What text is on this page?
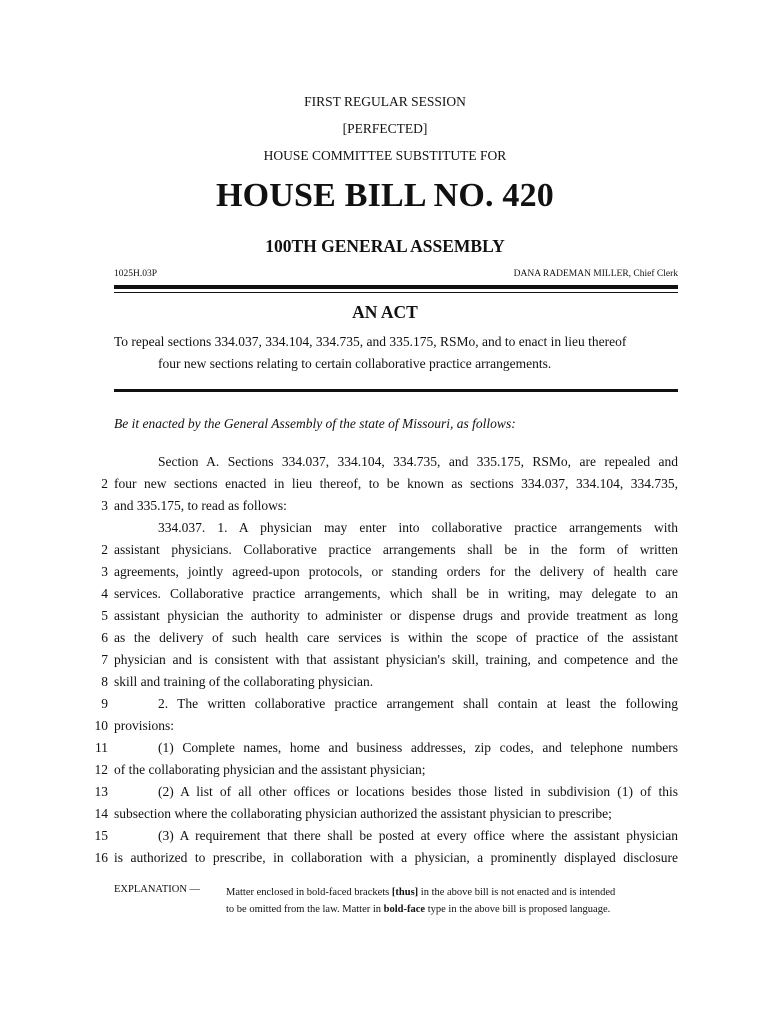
FIRST REGULAR SESSION
[PERFECTED]
HOUSE COMMITTEE SUBSTITUTE FOR
HOUSE BILL NO. 420
100TH GENERAL ASSEMBLY
1025H.03P	DANA RADEMAN MILLER, Chief Clerk
AN ACT
To repeal sections 334.037, 334.104, 334.735, and 335.175, RSMo, and to enact in lieu thereof
four new sections relating to certain collaborative practice arrangements.
Be it enacted by the General Assembly of the state of Missouri, as follows:
Section A. Sections 334.037, 334.104, 334.735, and 335.175, RSMo, are repealed and
2 four new sections enacted in lieu thereof, to be known as sections 334.037, 334.104, 334.735,
3 and 335.175, to read as follows:
334.037. 1. A physician may enter into collaborative practice arrangements with
2 assistant physicians. Collaborative practice arrangements shall be in the form of written
3 agreements, jointly agreed-upon protocols, or standing orders for the delivery of health care
4 services. Collaborative practice arrangements, which shall be in writing, may delegate to an
5 assistant physician the authority to administer or dispense drugs and provide treatment as long
6 as the delivery of such health care services is within the scope of practice of the assistant
7 physician and is consistent with that assistant physician's skill, training, and competence and the
8 skill and training of the collaborating physician.
9	2. The written collaborative practice arrangement shall contain at least the following
10 provisions:
11	(1) Complete names, home and business addresses, zip codes, and telephone numbers
12 of the collaborating physician and the assistant physician;
13	(2) A list of all other offices or locations besides those listed in subdivision (1) of this
14 subsection where the collaborating physician authorized the assistant physician to prescribe;
15	(3) A requirement that there shall be posted at every office where the assistant physician
16 is authorized to prescribe, in collaboration with a physician, a prominently displayed disclosure
EXPLANATION — Matter enclosed in bold-faced brackets [thus] in the above bill is not enacted and is intended
to be omitted from the law. Matter in bold-face type in the above bill is proposed language.
